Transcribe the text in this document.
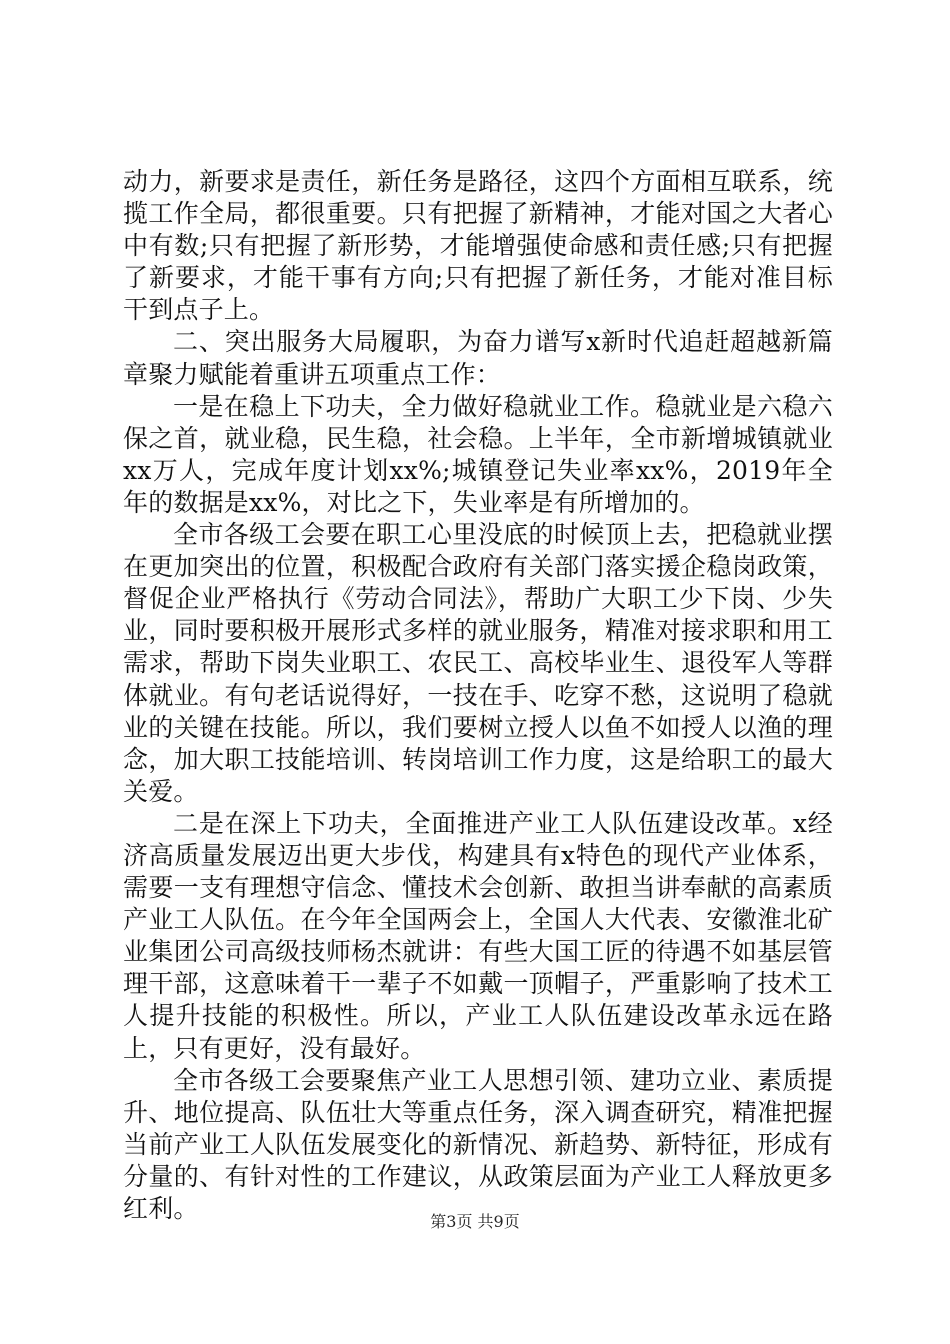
动力，新要求是责任，新任务是路径，这四个方面相互联系，统揽工作全局，都很重要。只有把握了新精神，才能对国之大者心中有数;只有把握了新形势，才能增强使命感和责任感;只有把握了新要求，才能干事有方向;只有把握了新任务，才能对准目标干到点子上。

二、突出服务大局履职，为奋力谱写x新时代追赶超越新篇章聚力赋能着重讲五项重点工作：

一是在稳上下功夫，全力做好稳就业工作。稳就业是六稳六保之首，就业稳，民生稳，社会稳。上半年，全市新增城镇就业xx万人，完成年度计划xx%;城镇登记失业率xx%，2019年全年的数据是xx%，对比之下，失业率是有所增加的。

全市各级工会要在职工心里没底的时候顶上去，把稳就业摆在更加突出的位置，积极配合政府有关部门落实援企稳岗政策，督促企业严格执行《劳动合同法》，帮助广大职工少下岗、少失业，同时要积极开展形式多样的就业服务，精准对接求职和用工需求，帮助下岗失业职工、农民工、高校毕业生、退役军人等群体就业。有句老话说得好，一技在手、吃穿不愁，这说明了稳就业的关键在技能。所以，我们要树立授人以鱼不如授人以渔的理念，加大职工技能培训、转岗培训工作力度，这是给职工的最大关爱。

二是在深上下功夫，全面推进产业工人队伍建设改革。x经济高质量发展迈出更大步伐，构建具有x特色的现代产业体系，需要一支有理想守信念、懂技术会创新、敢担当讲奉献的高素质产业工人队伍。在今年全国两会上，全国人大代表、安徽淮北矿业集团公司高级技师杨杰就讲：有些大国工匠的待遇不如基层管理干部，这意味着干一辈子不如戴一顶帽子，严重影响了技术工人提升技能的积极性。所以，产业工人队伍建设改革永远在路上，只有更好，没有最好。

全市各级工会要聚焦产业工人思想引领、建功立业、素质提升、地位提高、队伍壮大等重点任务，深入调查研究，精准把握当前产业工人队伍发展变化的新情况、新趋势、新特征，形成有分量的、有针对性的工作建议，从政策层面为产业工人释放更多红利。	第3页 共9页
